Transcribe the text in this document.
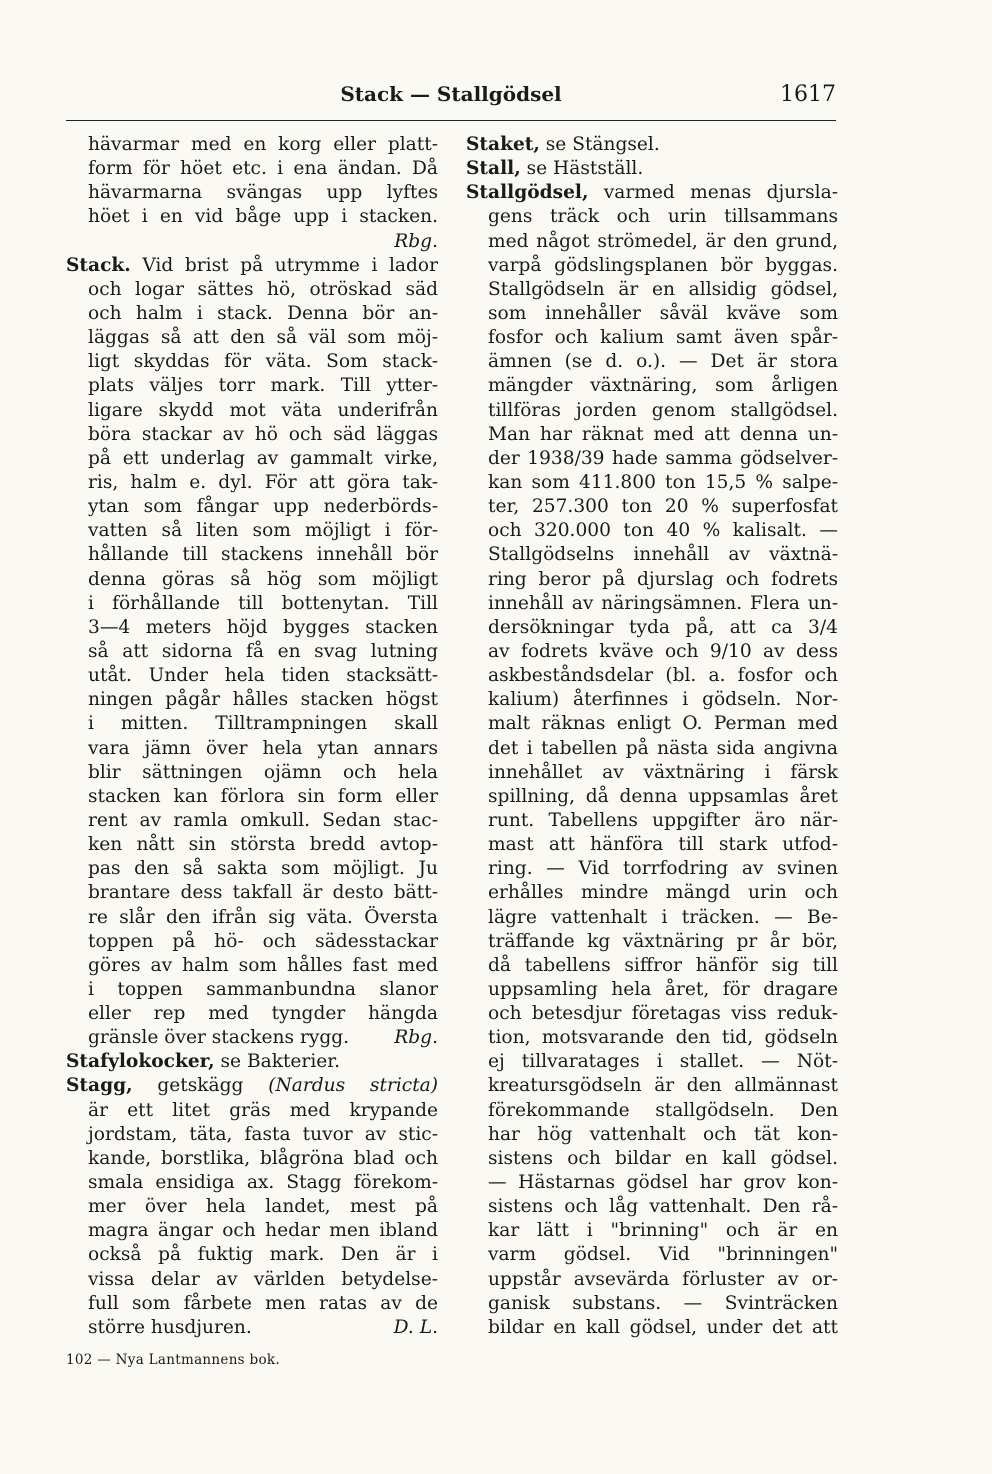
Stack — Stallgödsel	1617
hävarmar med en korg eller platt-
form för höet etc. i ena ändan. Då
hävarmarna svängas upp lyftes
höet i en vid båge upp i stacken.
Rbg.
Stack. Vid brist på utrymme i lador
och logar sättes hö, otröskad säd
och halm i stack. Denna bör an-
läggas så att den så väl som möj-
ligt skyddas för väta. Som stack-
plats väljes torr mark. Till ytter-
ligare skydd mot väta underifrån
böra stackar av hö och säd läggas
på ett underlag av gammalt virke,
ris, halm e. dyl. För att göra tak-
ytan som fångar upp nederbörds-
vatten så liten som möjligt i för-
hållande till stackens innehåll bör
denna göras så hög som möjligt
i förhållande till bottenytan. Till
3—4 meters höjd bygges stacken
så att sidorna få en svag lutning
utåt. Under hela tiden stacksätt-
ningen pågår hålles stacken högst
i mitten. Tilltrampningen skall
vara jämn över hela ytan annars
blir sättningen ojämn och hela
stacken kan förlora sin form eller
rent av ramla omkull. Sedan stac-
ken nått sin största bredd avtop-
pas den så sakta som möjligt. Ju
brantare dess takfall är desto bätt-
re slår den ifrån sig väta. Översta
toppen på hö- och sädesstackar
göres av halm som hålles fast med
i toppen sammanbundna slanor
eller rep med tyngder hängda
gränsle över stackens rygg. Rbg.
Stafylokocker, se Bakterier.
Stagg, getskägg (Nardus stricta)
är ett litet gräs med krypande
jordstam, täta, fasta tuvor av stic-
kande, borstlika, blågröna blad och
smala ensidiga ax. Stagg förekom-
mer över hela landet, mest på
magra ängar och hedar men ibland
också på fuktig mark. Den är i
vissa delar av världen betydelse-
full som fårbete men ratas av de
större husdjuren.	D. L.
Staket, se Stängsel.
Stall, se Hästställ.
Stallgödsel, varmed menas djursla-
gens träck och urin tillsammans
med något strömedel, är den grund,
varpå gödslingsplanen bör byggas.
Stallgödseln är en allsidig gödsel,
som innehåller såväl kväve som
fosfor och kalium samt även spår-
ämnen (se d. o.). — Det är stora
mängder växtnäring, som årligen
tillföras jorden genom stallgödsel.
Man har räknat med att denna un-
der 1938/39 hade samma gödselver-
kan som 411.800 ton 15,5 % salpe-
ter, 257.300 ton 20 % superfosfat
och 320.000 ton 40 % kalisalt. —
Stallgödselns innehåll av växtnä-
ring beror på djurslag och fodrets
innehåll av näringsämnen. Flera un-
dersökningar tyda på, att ca 3/4
av fodrets kväve och 9/10 av dess
askbeståndsdelar (bl. a. fosfor och
kalium) återfinnes i gödseln. Nor-
malt räknas enligt O. Perman med
det i tabellen på nästa sida angivna
innehållet av växtnäring i färsk
spillning, då denna uppsamlas året
runt. Tabellens uppgifter äro när-
mast att hänföra till stark utfod-
ring. — Vid torrfodring av svinen
erhålles mindre mängd urin och
lägre vattenhalt i träcken. — Be-
träffande kg växtnäring pr år bör,
då tabellens siffror hänför sig till
uppsamling hela året, för dragare
och betesdjur företagas viss reduk-
tion, motsvarande den tid, gödseln
ej tillvaratages i stallet. — Nöt-
kreatursgödseln är den allmännast
förekommande stallgödseln. Den
har hög vattenhalt och tät kon-
sistens och bildar en kall gödsel.
— Hästarnas gödsel har grov kon-
sistens och låg vattenhalt. Den rå-
kar lätt i "brinning" och är en
varm gödsel. Vid "brinningen"
uppstår avsevärda förluster av or-
ganisk substans. — Svinträcken
bildar en kall gödsel, under det att
102 — Nya Lantmannens bok.
